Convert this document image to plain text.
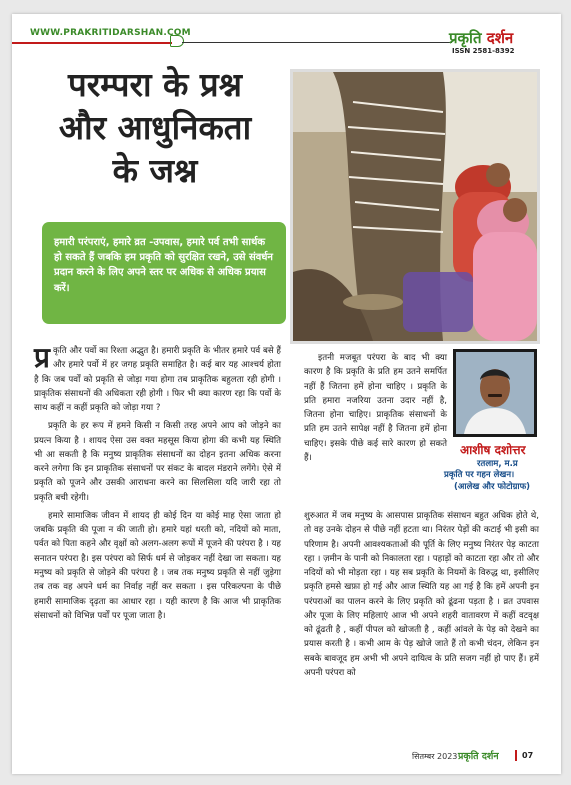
WWW.PRAKRITIDARSHAN.COM	प्रकृति दर्शन
ISSN 2581-8392
परम्परा के प्रश्न
और आधुनिकता
के जश्न
हमारी परंपराएं, हमारे व्रत -उपवास, हमारे पर्व तभी सार्थक हो सकते हैं जबकि हम प्रकृति को सुरक्षित रखने, उसे संवर्धन प्रदान करने के लिए अपने स्तर पर अधिक से अधिक प्रयास करें।

प्र कृति और पर्वो का रिश्ता अद्भुत है। हमारी प्रकृति के भीतर हमारे पर्व बसे हैं और हमारे पर्वो में हर जगह प्रकृति समाहित है। कई बार यह आश्चर्य होता है कि जब पर्वों को प्रकृति से जोड़ा गया होगा तब प्राकृतिक बहुलता रही होगी । प्राकृतिक संसाधनों की अधिकता रही होगी । फिर भी क्या कारण रहा कि पर्वो के साथ कहीं न कहीं प्रकृति को जोड़ा गया ?

प्रकृति के हर रूप में हमने किसी न किसी तरह अपने आप को जोड़ने का प्रयत्न किया है । शायद ऐसा उस वक्त महसूस किया होगा की कभी यह स्थिति भी आ सकती है कि मनुष्य प्राकृतिक संसाधनों का दोहन इतना अधिक करना करने लगेगा कि इन प्राकृतिक संसाधनों पर संकट के बादल मंडराने लगेंगे। ऐसे में प्रकृति को पूजने और उसकी आराधना करने का सिलसिला यदि जारी रहा तो प्रकृति बची रहेगी।

हमारे सामाजिक जीवन में शायद ही कोई दिन या कोई माह ऐसा जाता हो जबकि प्रकृति की पूजा न की जाती हो। हमारे यहां धरती को, नदियों को माता, पर्वत को पिता कहने और वृक्षों को अलग-अलग रूपों में पूजने की परंपरा है । यह सनातन परंपरा है। इस परंपरा को सिर्फ धर्म से जोड़कर नहीं देखा जा सकता। यह मनुष्य को प्रकृति से जोड़ने की परंपरा है । जब तक मनुष्य प्रकृति से नहीं जुड़ेगा तब तक वह अपने धर्म का निर्वाह नहीं कर सकता । इस परिकल्पना के पीछे हमारी सामाजिक दृढ़ता का आधार रहा । यही कारण है कि आज भी प्राकृतिक संसाधनों को विभिन्न पर्वों पर पूजा जाता है।

इतनी मजबूत परंपरा के बाद भी क्या कारण है कि प्रकृति के प्रति हम उतने समर्पित नहीं हैं जितना हमें होना चाहिए । प्रकृति के प्रति हमारा नजरिया उतना उदार नहीं है, जितना होना चाहिए। प्राकृतिक संसाधनों के प्रति हम उतने सापेक्ष नहीं है जितना हमें होना चाहिए। इसके पीछे कई सारे कारण हो सकते हैं।

आशीष दशोत्तर
रतलाम, म.प्र
प्रकृति पर गहन लेखन।
(आलेख और फोटोग्राफ)

शुरुआत में जब मनुष्य के आसपास प्राकृतिक संसाधन बहुत अधिक होते थे, तो वह उनके दोहन से पीछे नहीं हटता था। निरंतर पेड़ों की कटाई भी इसी का परिणाम है। अपनी आवश्यकताओं की पूर्ति के लिए मनुष्य निरंतर पेड़ काटता रहा । ज़मीन के पानी को निकालता रहा । पहाड़ों को काटता रहा और तो और नदियों को भी मोड़ता रहा । यह सब प्रकृति के नियमों के विरुद्ध था, इसीलिए प्रकृति हमसे खफ़ा हो गई और आज स्थिति यह आ गई है कि हमें अपनी इन परंपराओं का पालन करने के लिए प्रकृति को ढूंढना पड़ता है । व्रत उपवास और पूजा के लिए महिलाएं आज भी अपने शहरी वातावरण में कहीं वटवृक्ष को ढूंढती है , कहीं पीपल को खोजती है , कहीं आंवले के पेड़ को देखने का प्रयास करती है । कभी आम के पेड़ खोजे जाते हैं तो कभी चंदन, लेकिन इन सबके बावजूद हम अभी भी अपने दायित्व के प्रति सजग नहीं हो पाए हैं। हमें अपनी परंपरा को

सितम्बर 2023 प्रकृति दर्शन	07
